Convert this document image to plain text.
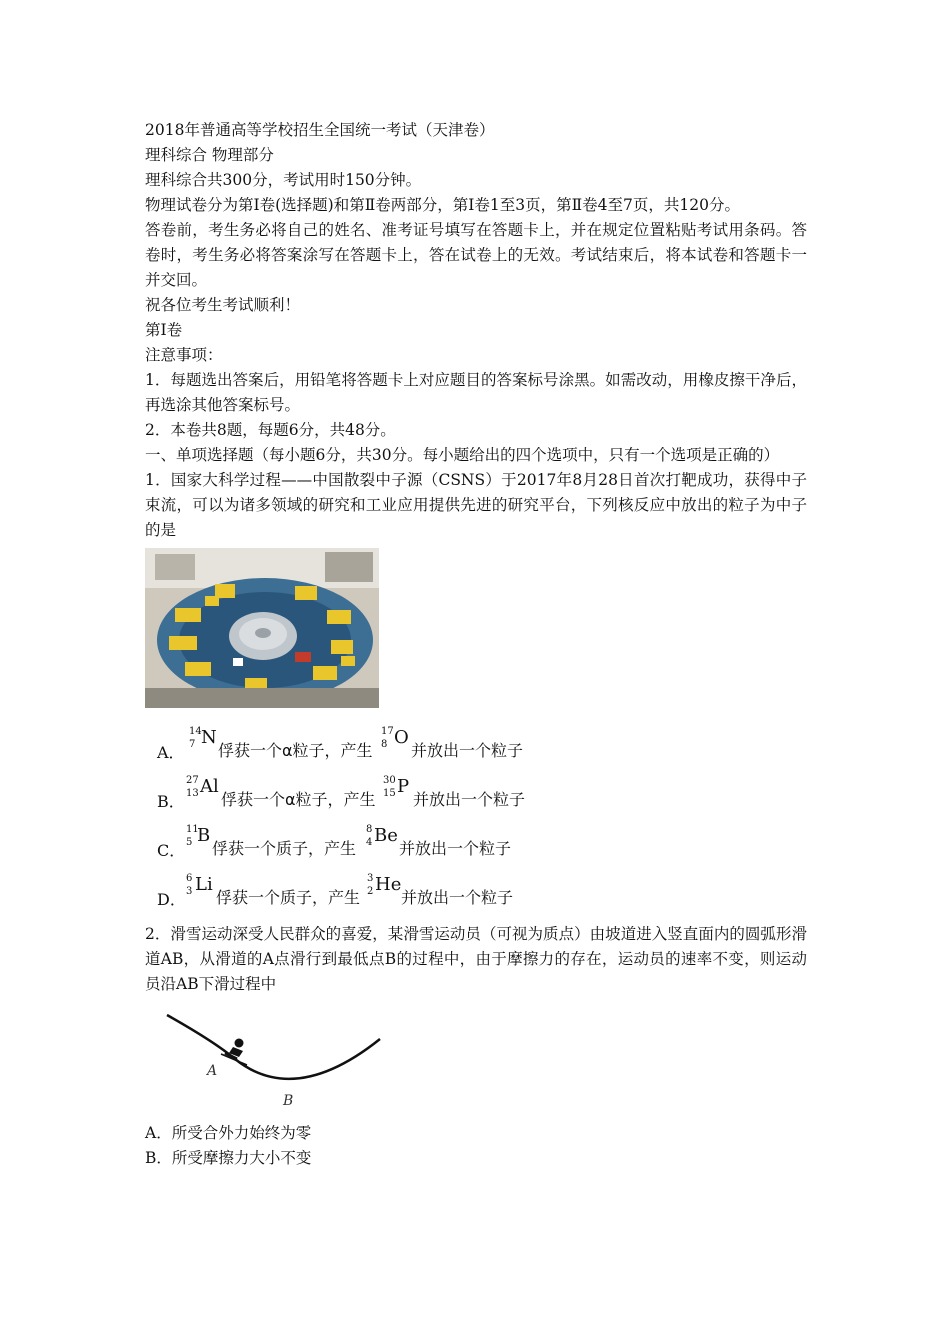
2018年普通高等学校招生全国统一考试（天津卷）

理科综合 物理部分

理科综合共300分，考试用时150分钟。

物理试卷分为第Ⅰ卷(选择题)和第Ⅱ卷两部分，第Ⅰ卷1至3页，第Ⅱ卷4至7页，共120分。

答卷前，考生务必将自己的姓名、准考证号填写在答题卡上，并在规定位置粘贴考试用条码。答卷时，考生务必将答案涂写在答题卡上，答在试卷上的无效。考试结束后，将本试卷和答题卡一并交回。

祝各位考生考试顺利！

第Ⅰ卷

注意事项：

1．每题选出答案后，用铅笔将答题卡上对应题目的答案标号涂黑。如需改动，用橡皮擦干净后，再选涂其他答案标号。

2．本卷共8题，每题6分，共48分。

一、单项选择题（每小题6分，共30分。每小题给出的四个选项中，只有一个选项是正确的）

1．国家大科学过程——中国散裂中子源（CSNS）于2017年8月28日首次打靶成功，获得中子束流，可以为诸多领域的研究和工业应用提供先进的研究平台，下列核反应中放出的粒子为中子的是

A．
14
7 N
俘获一个α粒子，产生
17
8 O
并放出一个粒子
B．
27
13 Al
俘获一个α粒子，产生
30
15 P
并放出一个粒子
C．
11
5 B
俘获一个质子，产生
8
4 Be
并放出一个粒子
D．
6
3 Li
俘获一个质子，产生
3
2 He
并放出一个粒子

2．滑雪运动深受人民群众的喜爱，某滑雪运动员（可视为质点）由坡道进入竖直面内的圆弧形滑道AB，从滑道的A点滑行到最低点B的过程中，由于摩擦力的存在，运动员的速率不变，则运动员沿AB下滑过程中

A
B

A．所受合外力始终为零

B．所受摩擦力大小不变
